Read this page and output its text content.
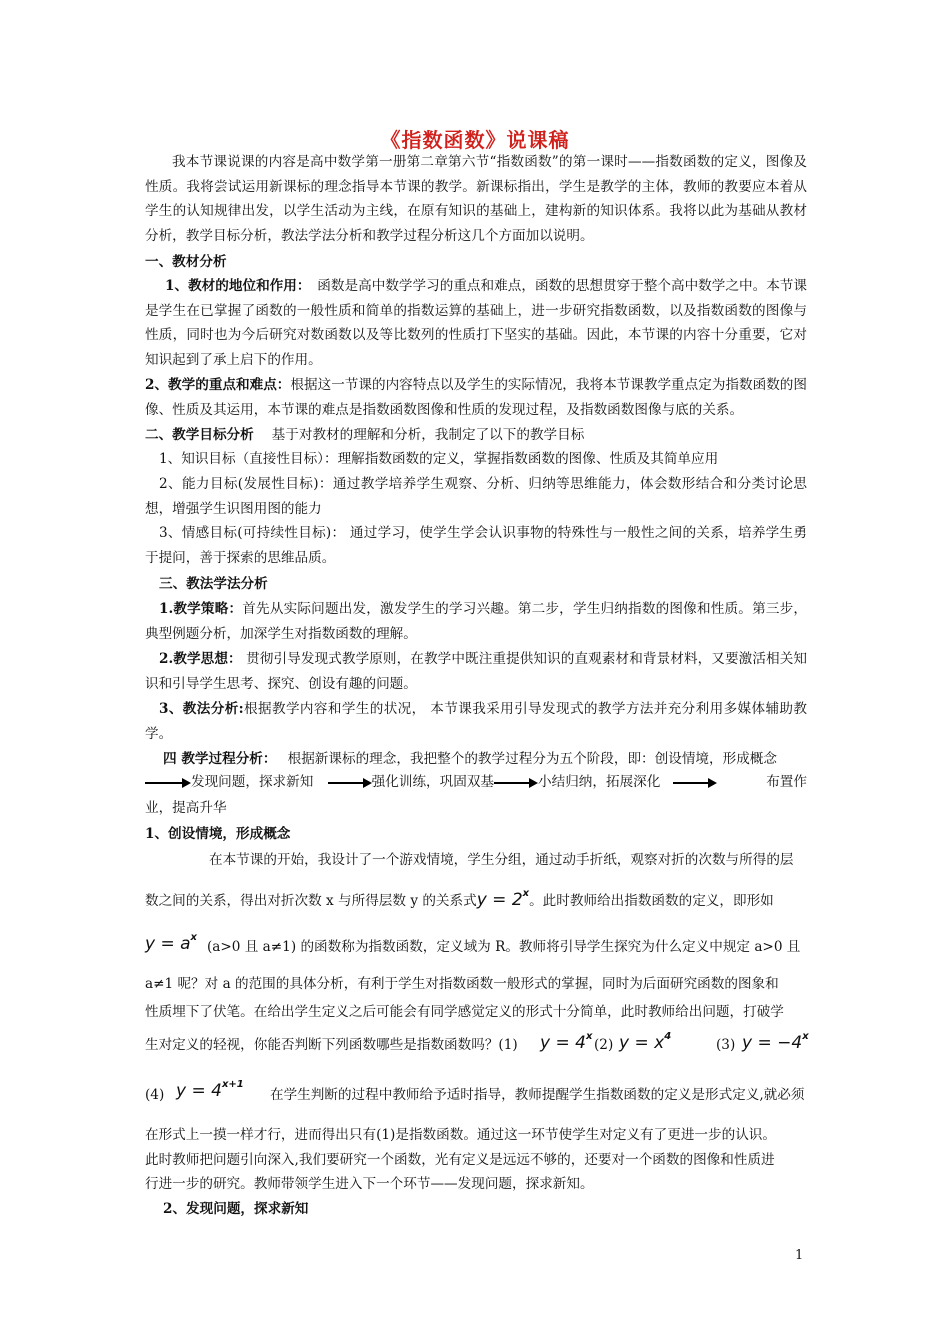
《指数函数》说课稿

我本节课说课的内容是高中数学第一册第二章第六节“指数函数”的第一课时——指数函数的定义，图像及性质。我将尝试运用新课标的理念指导本节课的教学。新课标指出，学生是教学的主体，教师的教要应本着从学生的认知规律出发，以学生活动为主线，在原有知识的基础上，建构新的知识体系。我将以此为基础从教材分析，教学目标分析，教法学法分析和教学过程分析这几个方面加以说明。

一、教材分析

1、教材的地位和作用：　函数是高中数学学习的重点和难点，函数的思想贯穿于整个高中数学之中。本节课是学生在已掌握了函数的一般性质和简单的指数运算的基础上，进一步研究指数函数，以及指数函数的图像与性质，同时也为今后研究对数函数以及等比数列的性质打下坚实的基础。因此，本节课的内容十分重要，它对知识起到了承上启下的作用。

2、教学的重点和难点：根据这一节课的内容特点以及学生的实际情况，我将本节课教学重点定为指数函数的图像、性质及其运用，本节课的难点是指数函数图像和性质的发现过程，及指数函数图像与底的关系。

二、教学目标分析　 基于对教材的理解和分析，我制定了以下的教学目标

1、知识目标（直接性目标）：理解指数函数的定义，掌握指数函数的图像、性质及其简单应用

2、能力目标(发展性目标)：通过教学培养学生观察、分析、归纳等思维能力，体会数形结合和分类讨论思想，增强学生识图用图的能力

3、情感目标(可持续性目标)： 通过学习，使学生学会认识事物的特殊性与一般性之间的关系，培养学生勇于提问，善于探索的思维品质。

三、教法学法分析

1.教学策略：首先从实际问题出发，激发学生的学习兴趣。第二步，学生归纳指数的图像和性质。第三步，典型例题分析，加深学生对指数函数的理解。

2.教学思想： 贯彻引导发现式教学原则，在教学中既注重提供知识的直观素材和背景材料，又要激活相关知识和引导学生思考、探究、创设有趣的问题。

3、教法分析:根据教学内容和学生的状况， 本节课我采用引导发现式的教学方法并充分利用多媒体辅助教学。

四 教学过程分析：　 根据新课标的理念，我把整个的教学过程分为五个阶段，即：创设情境，形成概念

发现问题，探求新知	强化训练，巩固双基	小结归纳，拓展深化	布置作

业，提高升华

1、创设情境，形成概念

在本节课的开始，我设计了一个游戏情境，学生分组，通过动手折纸，观察对折的次数与所得的层

数之间的关系，得出对折次数 x 与所得层数 y 的关系式$y = 2^x$。此时教师给出指数函数的定义，即形如

$y = a^x$

(a>0 且 a≠1) 的函数称为指数函数，定义域为 R。教师将引导学生探究为什么定义中规定 a>0 且

a≠1 呢？对 a 的范围的具体分析，有利于学生对指数函数一般形式的掌握，同时为后面研究函数的图象和

性质埋下了伏笔。在给出学生定义之后可能会有同学感觉定义的形式十分简单，此时教师给出问题，打破学

生对定义的轻视，你能否判断下列函数哪些是指数函数吗？(1) $y = 4^x$

(2) $y = x^4$

(3) $y = -4^x$

(4) $y = 4^{x+1}$

在学生判断的过程中教师给予适时指导，教师提醒学生指数函数的定义是形式定义,就必须

在形式上一摸一样才行，进而得出只有(1)是指数函数。通过这一环节使学生对定义有了更进一步的认识。

此时教师把问题引向深入,我们要研究一个函数，光有定义是远远不够的，还要对一个函数的图像和性质进

行进一步的研究。教师带领学生进入下一个环节——发现问题，探求新知。

2、发现问题，探求新知

1
